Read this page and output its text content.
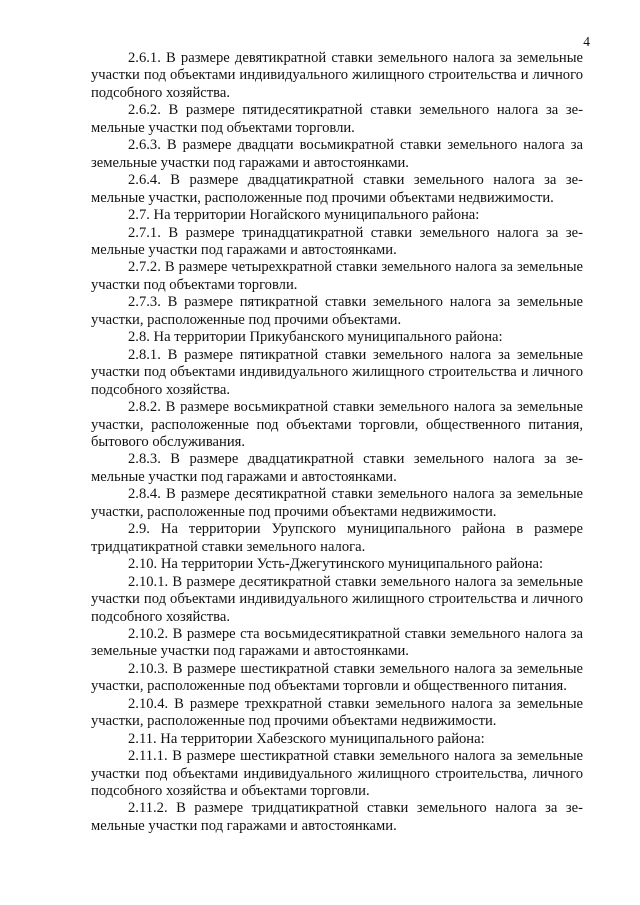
4

2.6.1. В размере девятикратной ставки земельного налога за земельные участки под объектами индивидуального жилищного строительства и личного подсобного хозяйства.

2.6.2. В размере пятидесятикратной ставки земельного налога за земельные участки под объектами торговли.

2.6.3. В размере двадцати восьмикратной ставки земельного налога за земельные участки под гаражами и автостоянками.

2.6.4. В размере двадцатикратной ставки земельного налога за земельные участки, расположенные под прочими объектами недвижимости.

2.7. На территории Ногайского муниципального района:

2.7.1. В размере тринадцатикратной ставки земельного налога за земельные участки под гаражами и автостоянками.

2.7.2. В размере четырехкратной ставки земельного налога за земельные участки под объектами торговли.

2.7.3. В размере пятикратной ставки земельного налога за земельные участки, расположенные под прочими объектами.

2.8. На территории Прикубанского муниципального района:

2.8.1. В размере пятикратной ставки земельного налога за земельные участки под объектами индивидуального жилищного строительства и личного подсобного хозяйства.

2.8.2. В размере восьмикратной ставки земельного налога за земельные участки, расположенные под объектами торговли, общественного питания, бытового обслуживания.

2.8.3. В размере двадцатикратной ставки земельного налога за земельные участки под гаражами и автостоянками.

2.8.4. В размере десятикратной ставки земельного налога за земельные участки, расположенные под прочими объектами недвижимости.

2.9. На территории Урупского муниципального района в размере тридцатикратной ставки земельного налога.

2.10. На территории Усть-Джегутинского муниципального района:

2.10.1. В размере десятикратной ставки земельного налога за земельные участки под объектами индивидуального жилищного строительства и личного подсобного хозяйства.

2.10.2. В размере ста восьмидесятикратной ставки земельного налога за земельные участки под гаражами и автостоянками.

2.10.3. В размере шестикратной ставки земельного налога за земельные участки, расположенные под объектами торговли и общественного питания.

2.10.4. В размере трехкратной ставки земельного налога за земельные участки, расположенные под прочими объектами недвижимости.

2.11. На территории Хабезского муниципального района:

2.11.1. В размере шестикратной ставки земельного налога за земельные участки под объектами индивидуального жилищного строительства, личного подсобного хозяйства и объектами торговли.

2.11.2. В размере тридцатикратной ставки земельного налога за земельные участки под гаражами и автостоянками.
